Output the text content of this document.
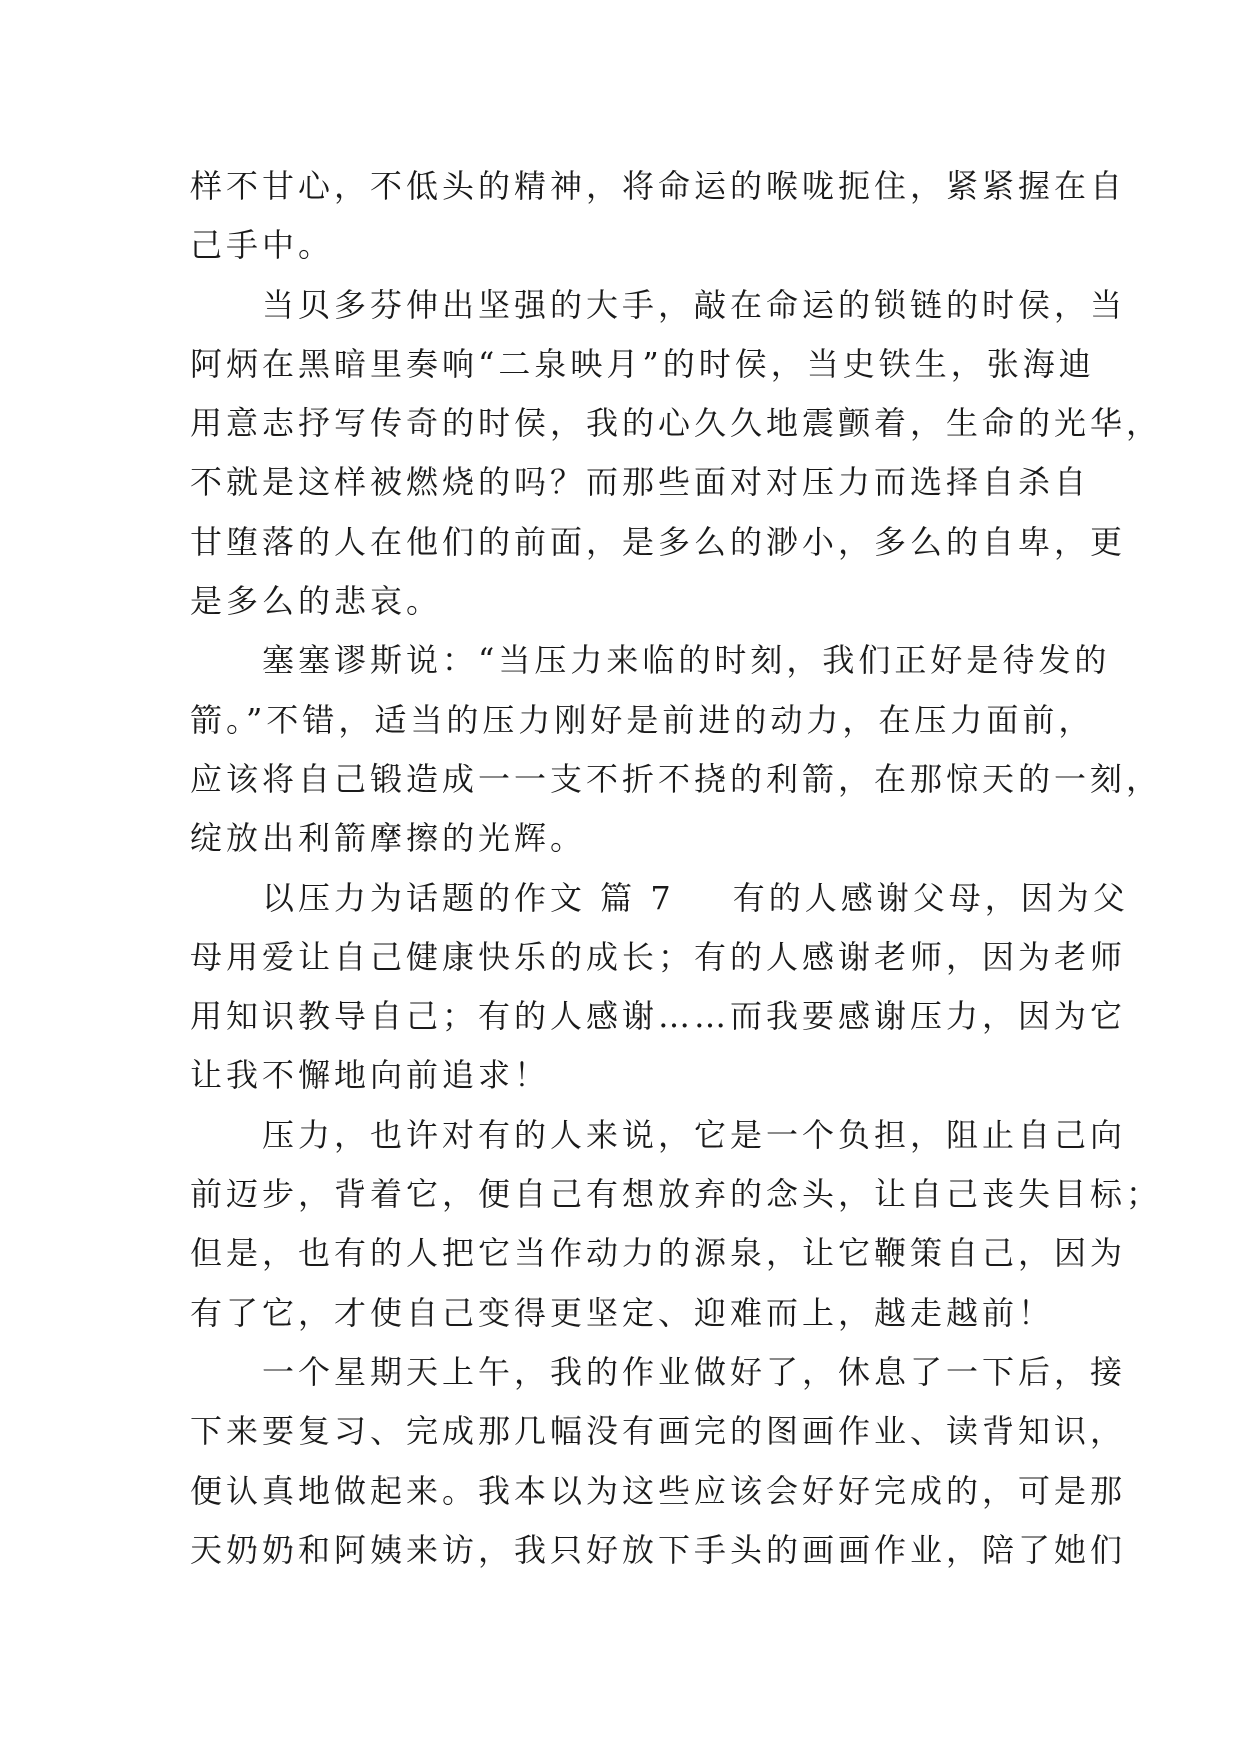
样不甘心，不低头的精神，将命运的喉咙扼住，紧紧握在自
己手中。
当贝多芬伸出坚强的大手，敲在命运的锁链的时侯，当
阿炳在黑暗里奏响“二泉映月”的时侯，当史铁生，张海迪
用意志抒写传奇的时侯，我的心久久地震颤着，生命的光华，
不就是这样被燃烧的吗？而那些面对对压力而选择自杀自
甘堕落的人在他们的前面，是多么的渺小，多么的自卑，更
是多么的悲哀。
塞塞谬斯说：“当压力来临的时刻，我们正好是待发的
箭。”不错，适当的压力刚好是前进的动力，在压力面前，
应该将自己锻造成一一支不折不挠的利箭，在那惊天的一刻，
绽放出利箭摩擦的光辉。
以压力为话题的作文 篇 7 有的人感谢父母，因为父
母用爱让自己健康快乐的成长；有的人感谢老师，因为老师
用知识教导自己；有的人感谢……而我要感谢压力，因为它
让我不懈地向前追求！
压力，也许对有的人来说，它是一个负担，阻止自己向
前迈步，背着它，便自己有想放弃的念头，让自己丧失目标；
但是，也有的人把它当作动力的源泉，让它鞭策自己，因为
有了它，才使自己变得更坚定、迎难而上，越走越前！
一个星期天上午，我的作业做好了，休息了一下后，接
下来要复习、完成那几幅没有画完的图画作业、读背知识，
便认真地做起来。我本以为这些应该会好好完成的，可是那
天奶奶和阿姨来访，我只好放下手头的画画作业，陪了她们
